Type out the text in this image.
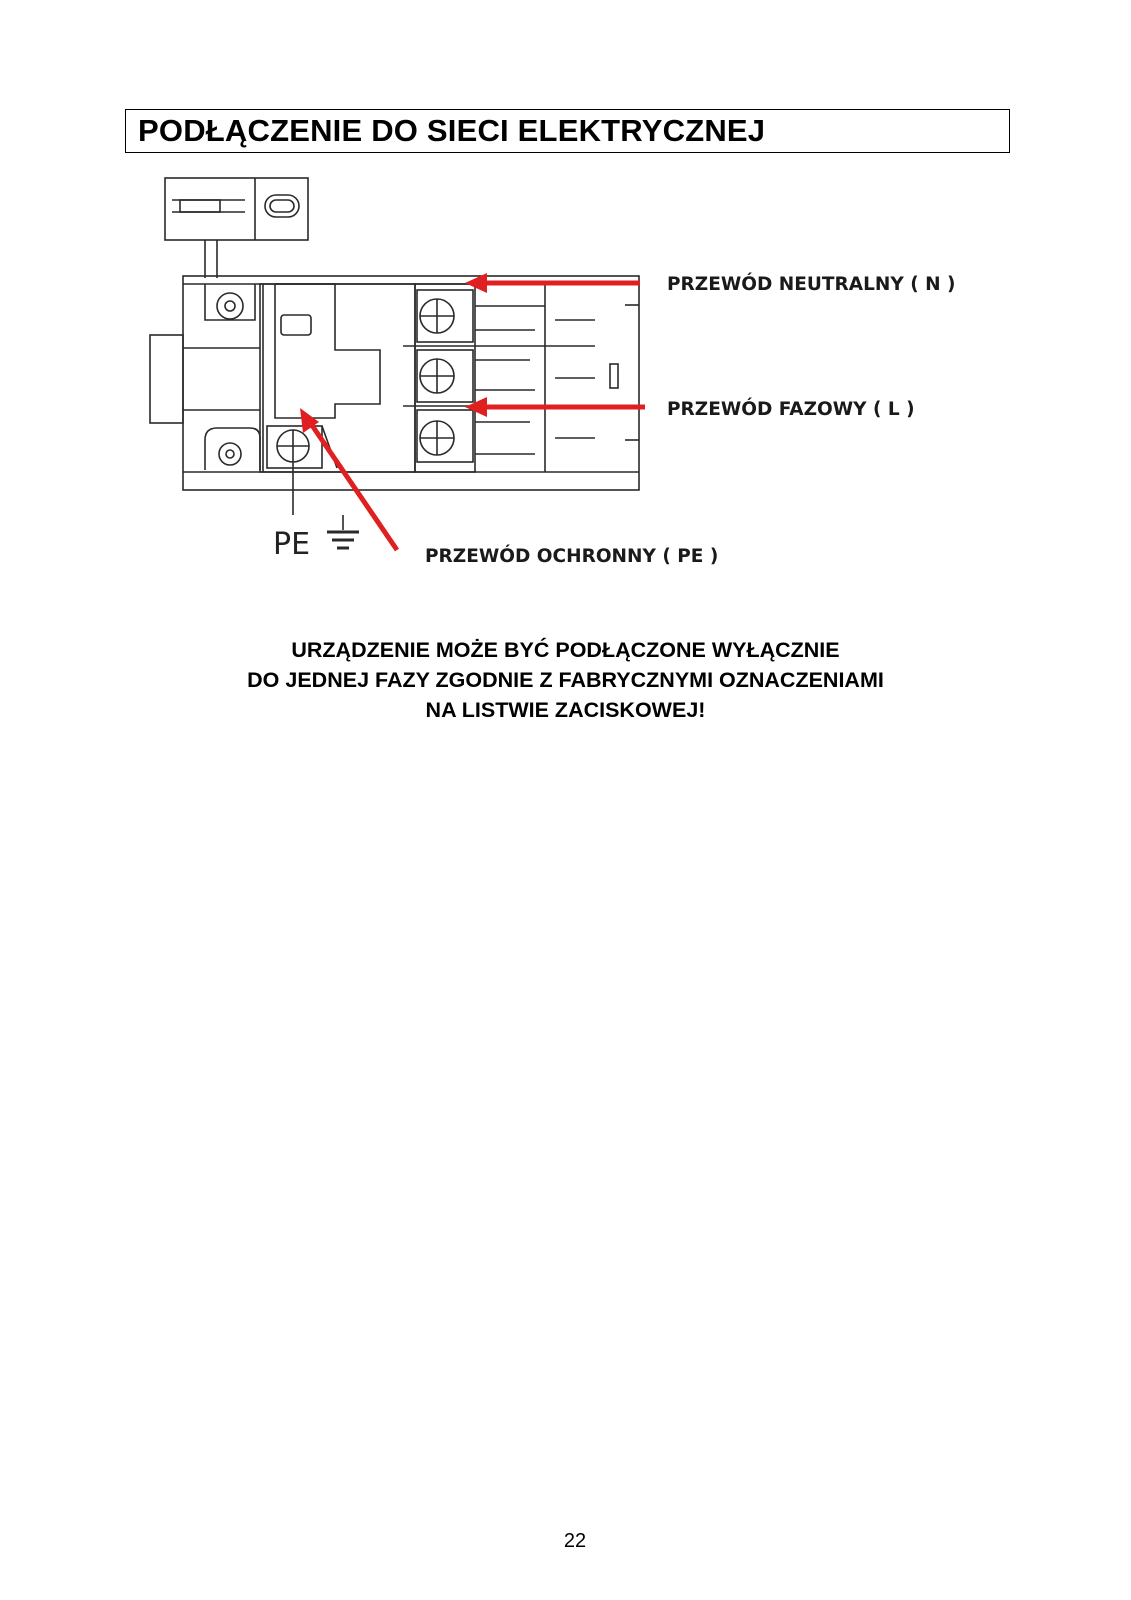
PODŁĄCZENIE DO SIECI ELEKTRYCZNEJ
PRZEWÓD NEUTRALNY ( N )
PRZEWÓD FAZOWY ( L )
PRZEWÓD OCHRONNY ( PE )
PE
URZĄDZENIE MOŻE BYĆ PODŁĄCZONE WYŁĄCZNIE
DO JEDNEJ FAZY ZGODNIE Z FABRYCZNYMI OZNACZENIAMI
NA LISTWIE ZACISKOWEJ!
22
